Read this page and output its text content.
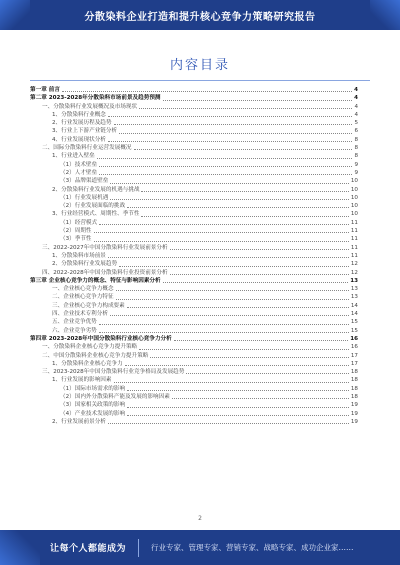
分散染料企业打造和提升核心竞争力策略研究报告
内容目录
第一章 前言	4
第二章 2023-2028年分散染料市场前景及趋势预测	4
一、分散染料行业发展概况及市场现状	4
1、分散染料行业概念	4
2、行业发展历程及趋势	5
3、行业上下游产业链分析	6
4、行业发展现状分析	8
二、国际分散染料行业运营发展概况	8
1、行业进入壁垒	8
（1）技术壁垒	9
（2）人才壁垒	9
（3）品牌渠道壁垒	10
2、分散染料行业发展的机遇与挑战	10
（1）行业发展机遇	10
（2）行业发展面临的挑战	10
3、行业经营模式、周期性、季节性	10
（1）经营模式	11
（2）周期性	11
（3）季节性	11
三、2022-2027年中国分散染料行业发展前景分析	11
1、分散染料市场前景	11
2、分散染料行业发展趋势	12
四、2022-2028年中国分散染料行业投资前景分析	12
第三章 企业核心竞争力的概念、特征与影响因素分析	13
一、企业核心竞争力概念	13
二、企业核心竞争力特征	13
三、企业核心竞争力构成要素	14
四、企业技术专利分析	14
五、企业竞争优势	15
六、企业竞争劣势	15
第四章 2023-2028年中国分散染料行业核心竞争力分析	16
一、分散染料企业核心竞争力提升策略	16
二、中国分散染料企业核心竞争力提升策略	17
1、分散染料企业核心竞争力	17
三、2023-2028年中国分散染料行业竞争格局及发展趋势	18
1、行业发展的影响因素	18
（1）国际市场需求的影响	18
（2）国内外分散染料产能及发展的影响因素	18
（3）国家相关政策的影响	19
（4）产业技术发展的影响	19
2、行业发展前景分析	19
2
让每个人都能成为	行业专家、管理专家、营销专家、战略专家、成功企业家……
